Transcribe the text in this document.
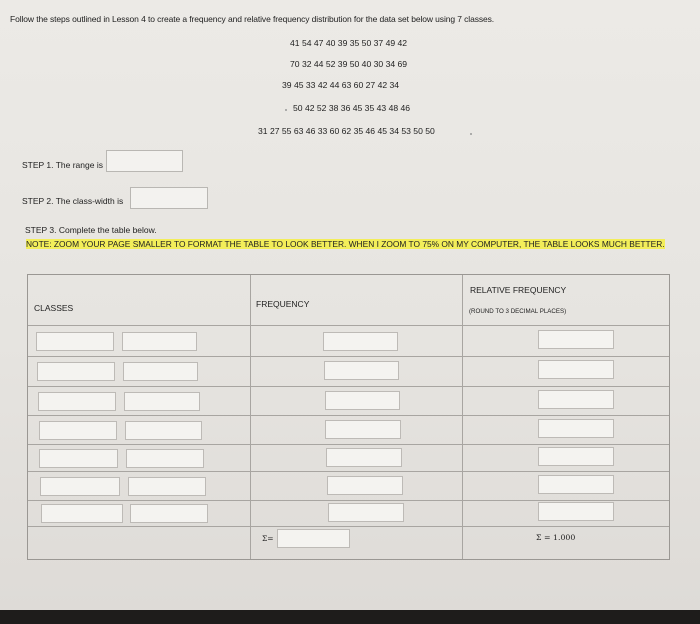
Follow the steps outlined in Lesson 4 to create a frequency and relative frequency distribution for the data set below using 7 classes.
41 54 47 40 39 35 50 37 49 42
70 32 44 52 39 50 40 30 34 69
39 45 33 42 44 63 60 27 42 34
50 42 52 38 36 45 35 43 48 46
31 27 55 63 46 33 60 62 35 46 45 34 53 50 50
STEP 1. The range is
STEP 2. The class-width is
STEP 3. Complete the table below.
NOTE: ZOOM YOUR PAGE SMALLER TO FORMAT THE TABLE TO LOOK BETTER. WHEN I ZOOM TO 75% ON MY COMPUTER, THE TABLE LOOKS MUCH BETTER.
CLASSES	FREQUENCY
RELATIVE FREQUENCY
(ROUND TO 3 DECIMAL PLACES)
Σ=	Σ = 1.000
